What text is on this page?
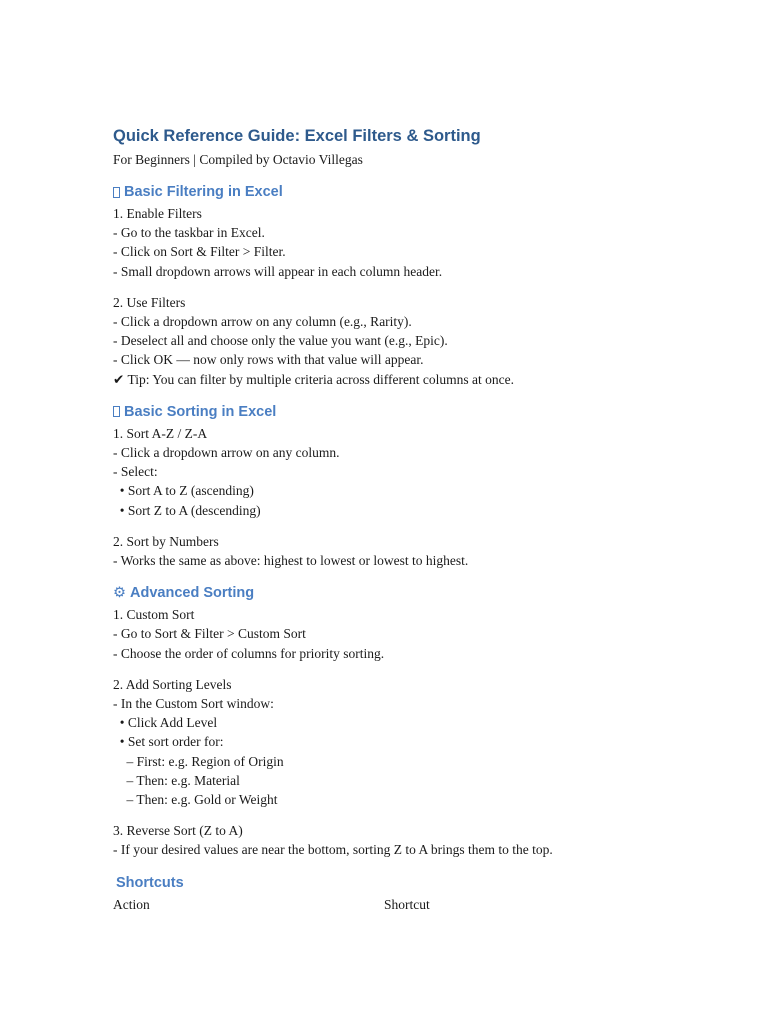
Quick Reference Guide: Excel Filters & Sorting

For Beginners | Compiled by Octavio Villegas

Basic Filtering in Excel

1. Enable Filters

- Go to the taskbar in Excel.

- Click on Sort & Filter > Filter.

- Small dropdown arrows will appear in each column header.

2. Use Filters

- Click a dropdown arrow on any column (e.g., Rarity).

- Deselect all and choose only the value you want (e.g., Epic).

- Click OK — now only rows with that value will appear.

✔ Tip: You can filter by multiple criteria across different columns at once.

Basic Sorting in Excel

1. Sort A-Z / Z-A

- Click a dropdown arrow on any column.

- Select:

• Sort A to Z (ascending)

• Sort Z to A (descending)

2. Sort by Numbers

- Works the same as above: highest to lowest or lowest to highest.

⚙ Advanced Sorting

1. Custom Sort

- Go to Sort & Filter > Custom Sort

- Choose the order of columns for priority sorting.

2. Add Sorting Levels

- In the Custom Sort window:

• Click Add Level

• Set sort order for:

– First: e.g. Region of Origin

– Then: e.g. Material

– Then: e.g. Gold or Weight

3. Reverse Sort (Z to A)

- If your desired values are near the bottom, sorting Z to A brings them to the top.

Shortcuts
Action	Shortcut
